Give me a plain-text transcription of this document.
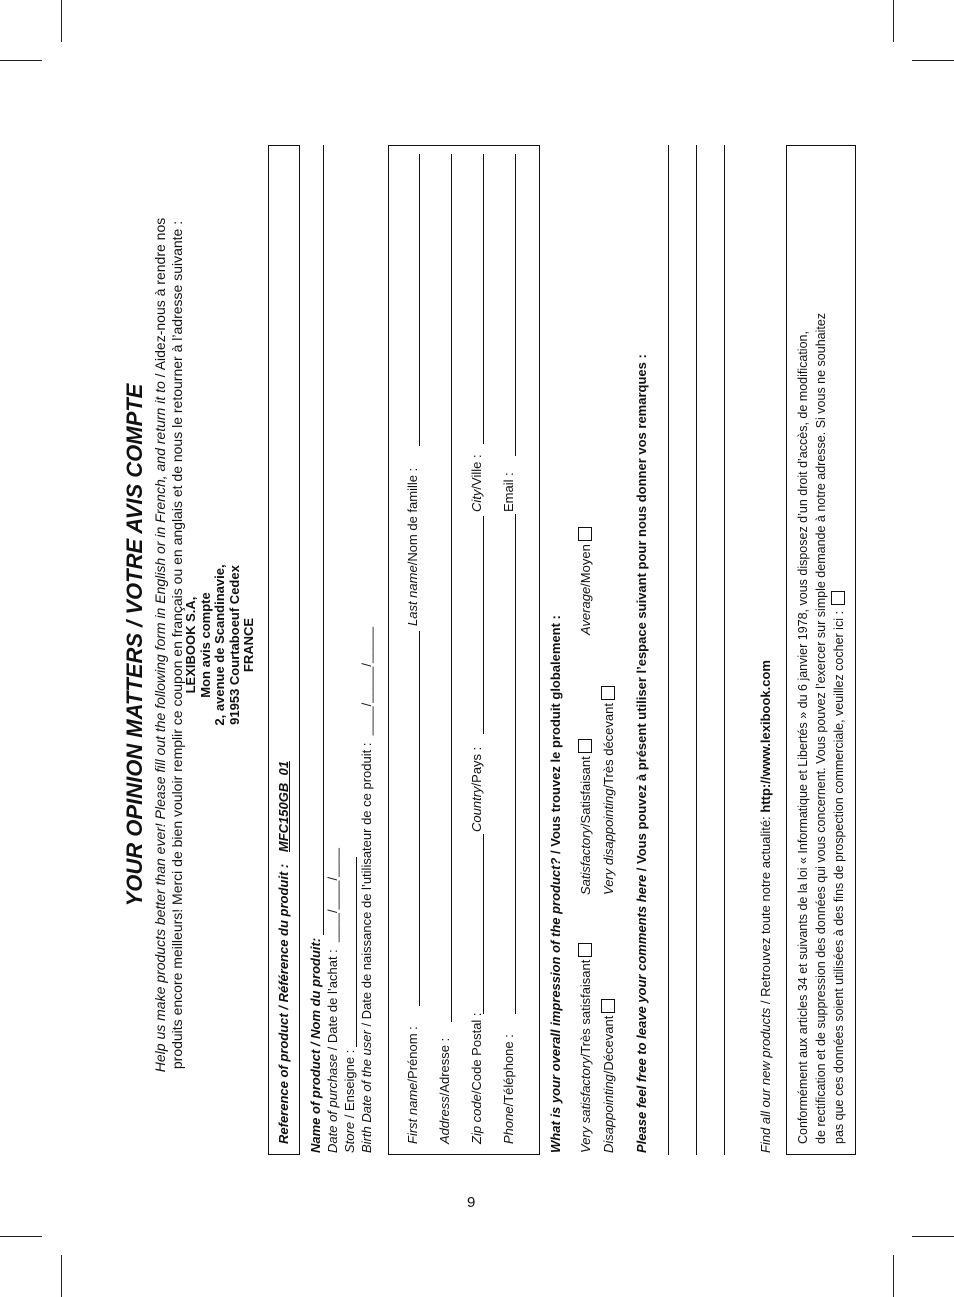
9
YOUR OPINION MATTERS / VOTRE AVIS COMPTE Help us make products better than ever! Please fill out the following form in English or in French, and return it to / Aidez-nous à rendre nos
produits encore meilleurs! Merci de bien vouloir remplir ce coupon en français ou en anglais et de nous le retourner à l’adresse suivante :
LEXIBOOK S.A, Mon avis compte 2, avenue de Scandinavie, 91953 Courtaboeuf Cedex FRANCE
Reference of product / Référence du produit : MFC150GB_01
Name of product / Nom du produit: Date of purchase / Date de l’achat :  ____/____/____
Store / Enseigne : Birth Date of the user / Date de naissance de l’utilisateur de ce produit :  ____/_____/_____
First name/Prénom :
Last name/Nom de famille :
Address/Adresse :
Zip code/Code Postal :
Country/Pays :
City/Ville :
Phone/Téléphone :
Email :
What is your overall impression of the product? / Vous trouvez le produit globalement :
Very satisfactory/Très satisfaisant
Satisfactory/Satisfaisant
Average/Moyen
Disappointing/Décevant
Very disappointing/Très décevant
Please feel free to leave your comments here / Vous pouvez à présent utiliser l’espace suivant pour nous donner vos remarques :
Find all our new products / Retrouvez toute notre actualité: http://www.lexibook.com Conformément aux articles 34 et suivants de la loi « Informatique et Libertés » du 6 janvier 1978, vous disposez d’un droit d’accès, de modification, de rectification et de suppression des données qui vous concernent. Vous pouvez l’exercer sur simple demande à notre adresse. Si vous ne souhaitez pas que ces données soient utilisées à des fins de prospection commerciale, veuillez cocher ici :
